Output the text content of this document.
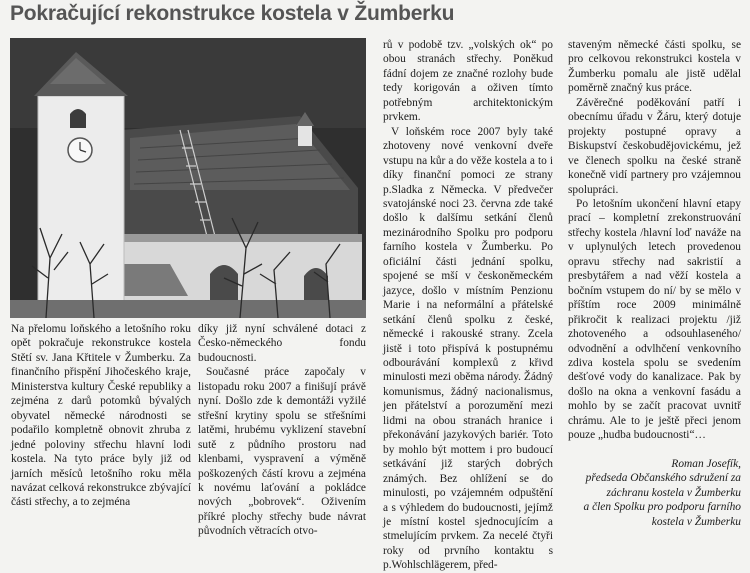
Pokračující rekonstrukce kostela v Žumberku

Na přelomu loňského a letošního roku opět pokračuje rekonstrukce kostela Stětí sv. Jana Křtitele v Žumberku. Za finančního přispění Jihočeského kraje, Ministerstva kultury České republiky a zejména z darů potomků bývalých obyvatel německé národnosti se podařilo kompletně obnovit zhruba z jedné poloviny střechu hlavní lodi kostela. Na tyto práce byly již od jarních měsíců letošního roku měla navázat celková rekonstrukce zbývající části střechy, a to zejména

díky již nyní schválené dotaci z Česko-německého fondu budoucnosti.

Současné práce započaly v listopadu roku 2007 a finišují právě nyní. Došlo zde k demontáži vyžilé střešní krytiny spolu se střešními latěmi, hrubému vyklizení stavební sutě z půdního prostoru nad klenbami, vyspravení a výměně poškozených částí krovu a zejména k novému laťování a pokládce nových „bobrovek“. Oživením příkré plochy střechy bude návrat původních větracích otvo-

rů v podobě tzv. „volských ok“ po obou stranách střechy. Poněkud fádní dojem ze značné rozlohy bude tedy korigován a oživen tímto potřebným architektonickým prvkem.

V loňském roce 2007 byly také zhotoveny nové venkovní dveře vstupu na kůr a do věže kostela a to i díky finanční pomoci ze strany p.Sladka z Německa. V předvečer svatojánské noci 23. června zde také došlo k dalšímu setkání členů mezinárodního Spolku pro podporu farního kostela v Žumberku. Po oficiální části jednání spolku, spojené se mší v českoněmeckém jazyce, došlo v místním Penzionu Marie i na neformální a přátelské setkání členů spolku z české, německé i rakouské strany. Zcela jistě i toto přispívá k postupnému odbourávání komplexů z křivd minulosti mezi oběma národy. Žádný komunismus, žádný nacionalismus, jen přátelství a porozumění mezi lidmi na obou stranách hranice i překonávání jazykových bariér. Toto by mohlo být mottem i pro budoucí setkávání již starých dobrých známých. Bez ohlížení se do minulosti, po vzájemném odpuštění a s výhledem do budoucnosti, jejímž je místní kostel sjednocujícím a stmelujícím prvkem. Za necelé čtyři roky od prvního kontaktu s p.Wohlschlägerem, před-

staveným německé části spolku, se pro celkovou rekonstrukci kostela v Žumberku pomalu ale jistě udělal poměrně značný kus práce.

Závěrečné poděkování patří i obecnímu úřadu v Žáru, který dotuje projekty postupné opravy a Biskupství českobudějovickému, jež ve členech spolku na české straně konečně vidí partnery pro vzájemnou spolupráci.

Po letošním ukončení hlavní etapy prací – kompletní zrekonstruování střechy kostela /hlavní loď naváže na v uplynulých letech provedenou opravu střechy nad sakristií a presbytářem a nad věží kostela a bočním vstupem do ní/ by se mělo v příštím roce 2009 minimálně přikročit k realizaci projektu /již zhotoveného a odsouhlaseného/ odvodnění a odvlhčení venkovního zdiva kostela spolu se svedením dešťové vody do kanalizace. Pak by došlo na okna a venkovní fasádu a mohlo by se začít pracovat uvnitř chrámu. Ale to je ještě přeci jenom pouze „hudba budoucnosti“…

Roman Josefík,
předseda Občanského sdružení za
záchranu kostela v Žumberku
a člen Spolku pro podporu farního
kostela v Žumberku
